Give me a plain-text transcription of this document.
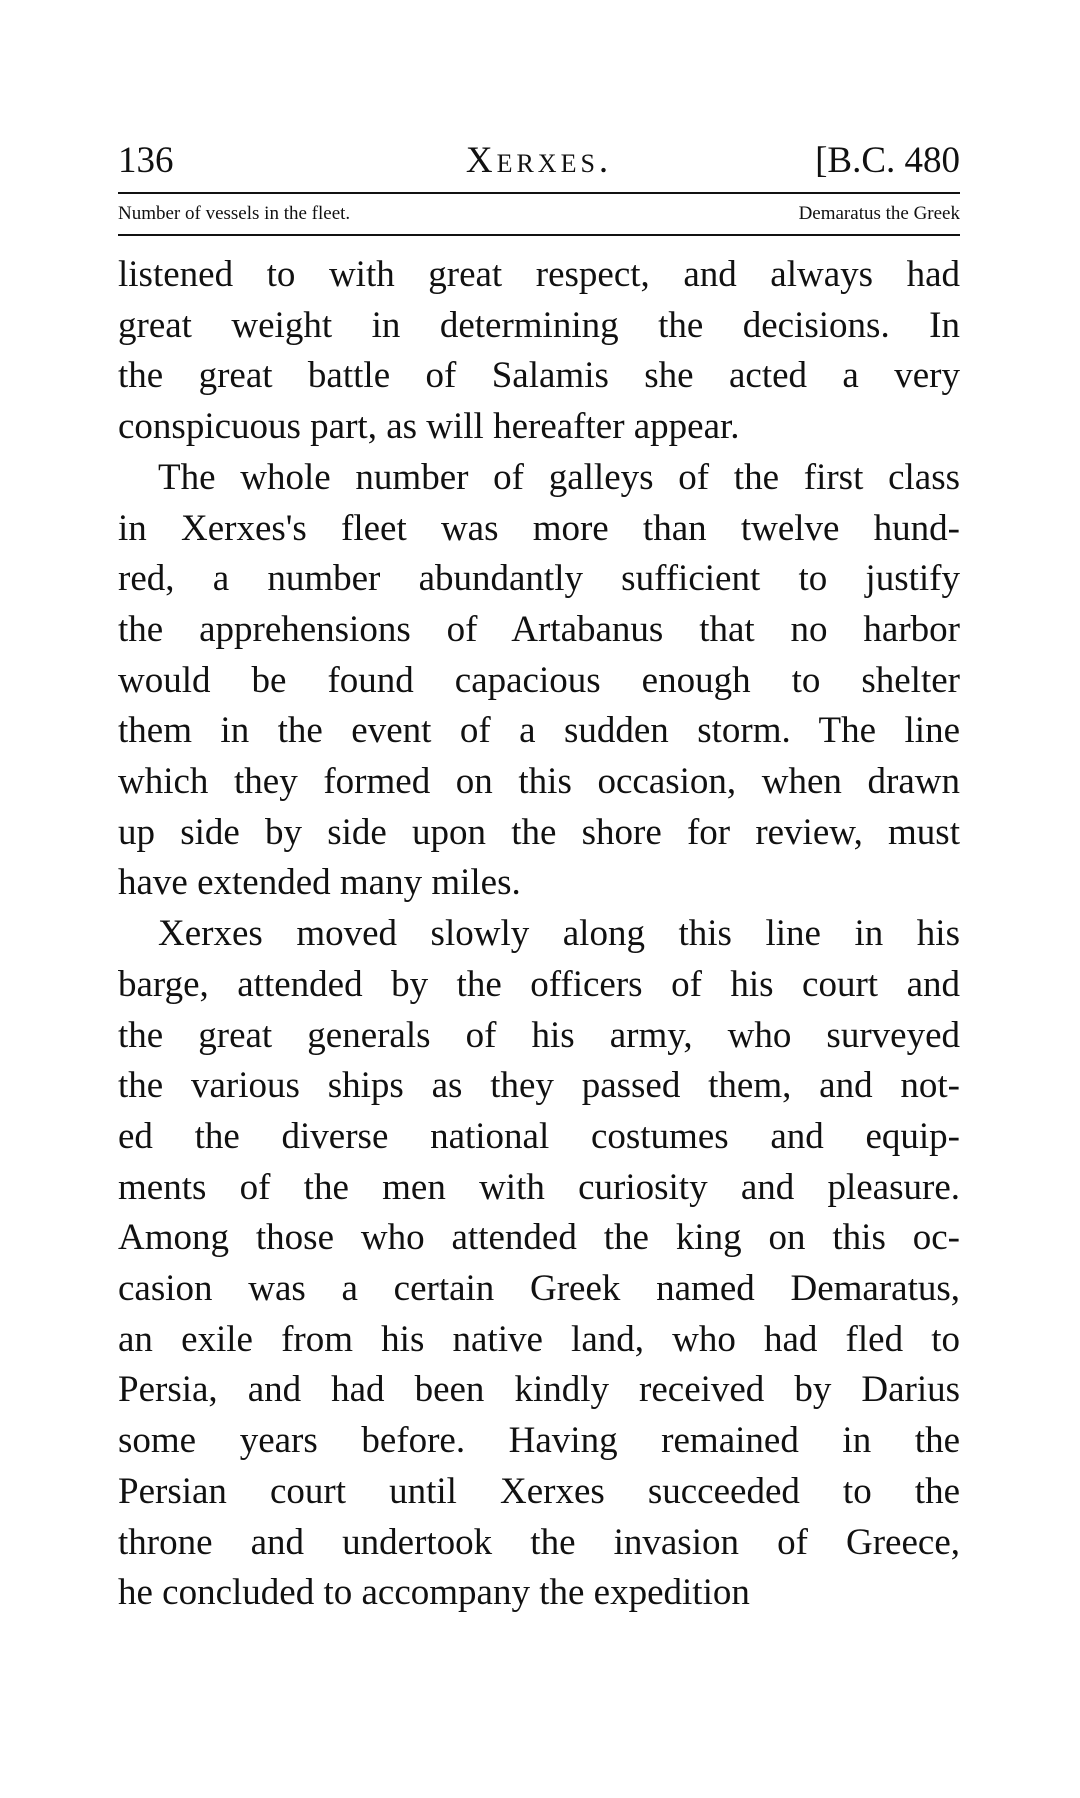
136	Xerxes.	[B.C. 480
Number of vessels in the fleet.	Demaratus the Greek

listened to with great respect, and always had
great weight in determining the decisions. In
the great battle of Salamis she acted a very
conspicuous part, as will hereafter appear.

The whole number of galleys of the first class
in Xerxes's fleet was more than twelve hund-
red, a number abundantly sufficient to justify
the apprehensions of Artabanus that no harbor
would be found capacious enough to shelter
them in the event of a sudden storm. The line
which they formed on this occasion, when drawn
up side by side upon the shore for review, must
have extended many miles.

Xerxes moved slowly along this line in his
barge, attended by the officers of his court and
the great generals of his army, who surveyed
the various ships as they passed them, and not-
ed the diverse national costumes and equip-
ments of the men with curiosity and pleasure.
Among those who attended the king on this oc-
casion was a certain Greek named Demaratus,
an exile from his native land, who had fled to
Persia, and had been kindly received by Darius
some years before. Having remained in the
Persian court until Xerxes succeeded to the
throne and undertook the invasion of Greece,
he concluded to accompany the expedition
